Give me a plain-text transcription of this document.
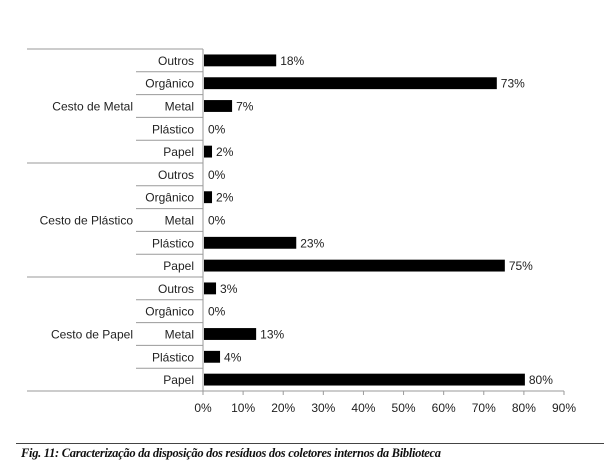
0% 10% 20% 30% 40% 50% 60% 70% 80% 90%
Outros	18%
Orgânico	73%
Metal	7%
Plástico 0%
Papel 2%
Outros 0%
Orgânico 2%
Metal 0%
Plástico	23%
Papel	75%
Outros 3%
Orgânico 0%
Metal	13%
Plástico	4%
Papel	80%
Cesto de Metal
Cesto de Plástico
Cesto de Papel
Fig. 11: Caracterização da disposição dos resíduos dos coletores internos da Biblioteca
